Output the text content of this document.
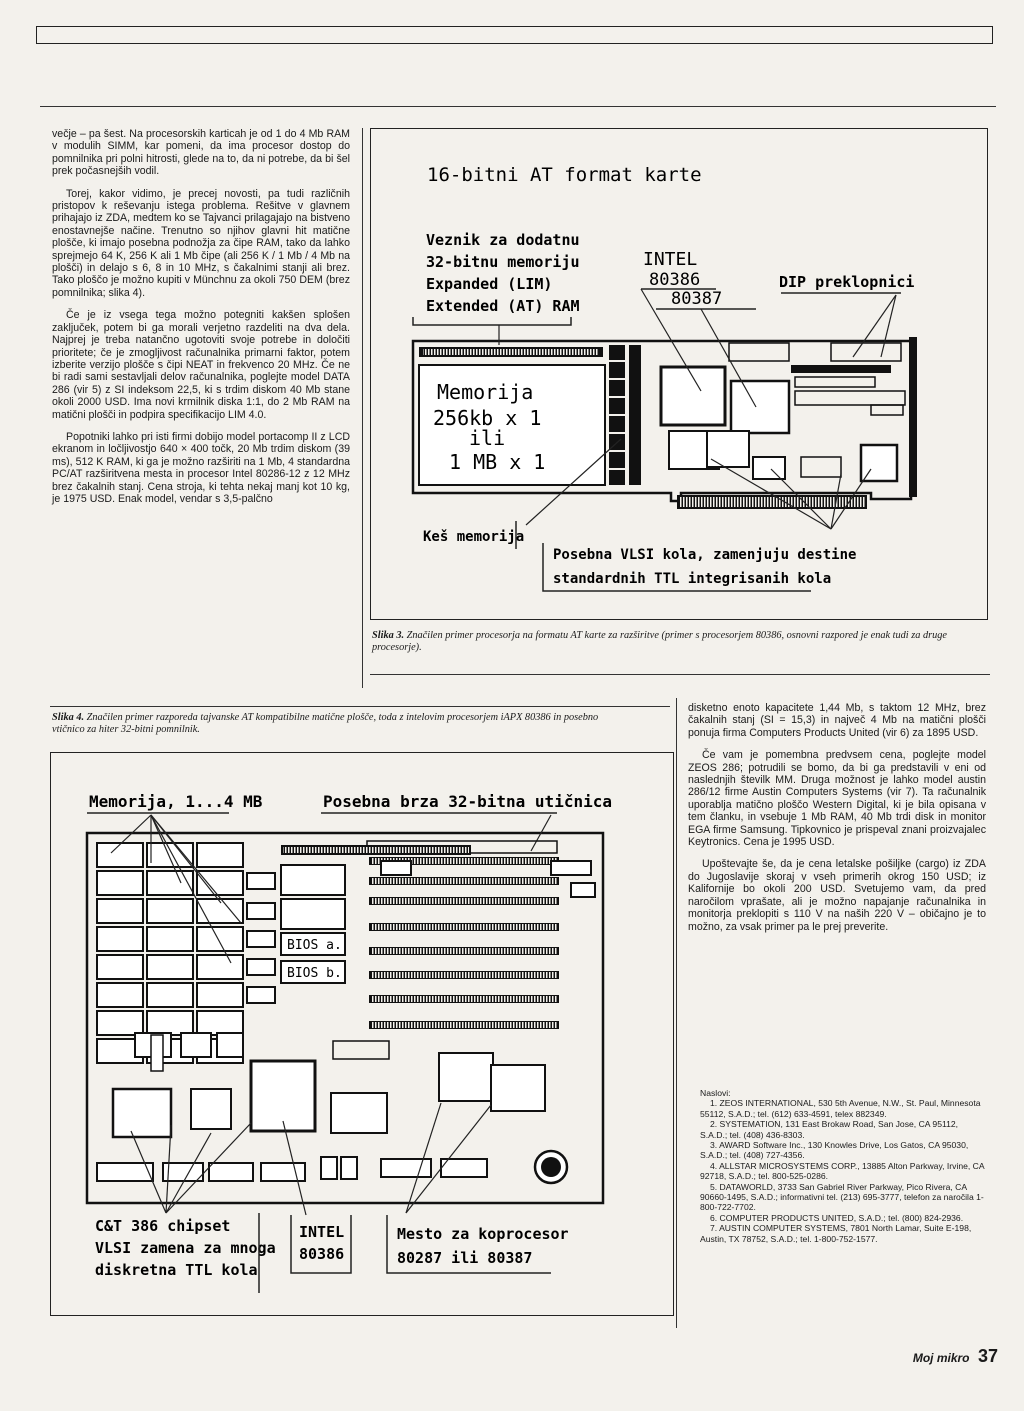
večje – pa šest. Na procesorskih karticah je od 1 do 4 Mb RAM v modulih SIMM, kar pomeni, da ima procesor dostop do pomnilnika pri polni hitrosti, glede na to, da ni potrebe, da bi šel prek počasnejših vodil.

Torej, kakor vidimo, je precej novosti, pa tudi različnih pristopov k reševanju istega problema. Rešitve v glavnem prihajajo iz ZDA, medtem ko se Tajvanci prilagajajo na bistveno enostavnejše načine. Trenutno so njihov glavni hit matične plošče, ki imajo posebna podnožja za čipe RAM, tako da lahko sprejmejo 64 K, 256 K ali 1 Mb čipe (ali 256 K / 1 Mb / 4 Mb na plošči) in delajo s 6, 8 in 10 MHz, s čakalnimi stanji ali brez. Tako ploščo je možno kupiti v Münchnu za okoli 750 DEM (brez pomnilnika; slika 4).

Če je iz vsega tega možno potegniti kakšen splošen zaključek, potem bi ga morali verjetno razdeliti na dva dela. Najprej je treba natančno ugotoviti svoje potrebe in določiti prioritete; če je zmogljivost računalnika primarni faktor, potem izberite verzijo plošče s čipi NEAT in frekvenco 20 MHz. Če ne bi radi sami sestavljali delov računalnika, poglejte model DATA 286 (vir 5) z SI indeksom 22,5, ki s trdim diskom 40 Mb stane okoli 2000 USD. Ima novi krmilnik diska 1:1, do 2 Mb RAM na matični plošči in podpira specifikacijo LIM 4.0.

Popotniki lahko pri isti firmi dobijo model portacomp II z LCD ekranom in ločljivostjo 640 × 400 točk, 20 Mb trdim diskom (39 ms), 512 K RAM, ki ga je možno razširiti na 1 Mb, 4 standardna PC/AT razširitvena mesta in procesor Intel 80286-12 z 12 MHz brez čakalnih stanj. Cena stroja, ki tehta nekaj manj kot 10 kg, je 1975 USD. Enak model, vendar s 3,5-palčno

16-bitni AT format karte
Veznik za dodatnu
32-bitnu memoriju
Expanded (LIM)
Extended (AT) RAM
INTEL
80386
80387
DIP preklopnici
Memorija
256kb x 1
ili
1 MB x 1
Keš memorija
Posebna VLSI kola, zamenjuju destine
standardnih TTL integrisanih kola
Slika 3. Značilen primer procesorja na formatu AT karte za razširitve (primer s procesorjem 80386, osnovni razpored je enak tudi za druge procesorje).
Slika 4. Značilen primer razporeda tajvanske AT kompatibilne matične plošče, toda z intelovim procesorjem iAPX 80386 in posebno vtičnico za hiter 32-bitni pomnilnik.
Memorija, 1...4 MB	Posebna brza 32-bitna utičnica
BIOS a.
BIOS b.
C&T 386 chipset
VLSI zamena za mnoga
diskretna TTL kola
INTEL
80386
Mesto za koprocesor
80287 ili 80387

disketno enoto kapacitete 1,44 Mb, s taktom 12 MHz, brez čakalnih stanj (SI = 15,3) in največ 4 Mb na matični plošči ponuja firma Computers Products United (vir 6) za 1895 USD.

Če vam je pomembna predvsem cena, poglejte model ZEOS 286; potrudili se bomo, da bi ga predstavili v eni od naslednjih številk MM. Druga možnost je lahko model austin 286/12 firme Austin Computers Systems (vir 7). Ta računalnik uporablja matično ploščo Western Digital, ki je bila opisana v tem članku, in vsebuje 1 Mb RAM, 40 Mb trdi disk in monitor EGA firme Samsung. Tipkovnico je prispeval znani proizvajalec Keytronics. Cena je 1995 USD.

Upoštevajte še, da je cena letalske pošiljke (cargo) iz ZDA do Jugoslavije skoraj v vseh primerih okrog 150 USD; iz Kalifornije bo okoli 200 USD. Svetujemo vam, da pred naročilom vprašate, ali je možno napajanje računalnika in monitorja preklopiti s 110 V na naših 220 V – običajno je to možno, za vsak primer pa le prej preverite.

Naslovi:
1. ZEOS INTERNATIONAL, 530 5th Avenue, N.W., St. Paul, Minnesota 55112, S.A.D.; tel. (612) 633-4591, telex 882349.
2. SYSTEMATION, 131 East Brokaw Road, San Jose, CA 95112, S.A.D.; tel. (408) 436-8303.
3. AWARD Software Inc., 130 Knowles Drive, Los Gatos, CA 95030, S.A.D.; tel. (408) 727-4356.
4. ALLSTAR MICROSYSTEMS CORP., 13885 Alton Parkway, Irvine, CA 92718, S.A.D.; tel. 800-525-0286.
5. DATAWORLD, 3733 San Gabriel River Parkway, Pico Rivera, CA 90660-1495, S.A.D.; informativni tel. (213) 695-3777, telefon za naročila 1-800-722-7702.
6. COMPUTER PRODUCTS UNITED, S.A.D.; tel. (800) 824-2936.
7. AUSTIN COMPUTER SYSTEMS, 7801 North Lamar, Suite E-198, Austin, TX 78752, S.A.D.; tel. 1-800-752-1577.
Moj mikro 37
